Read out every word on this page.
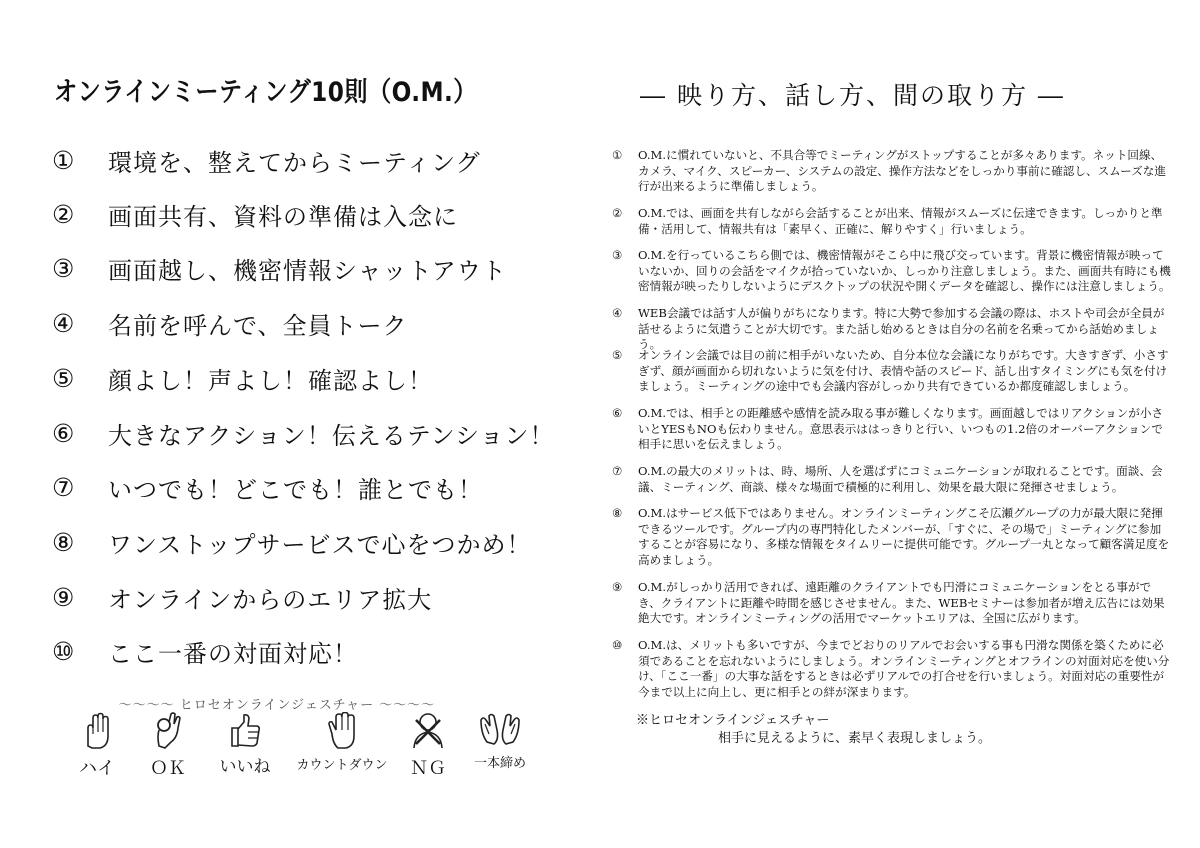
オンラインミーティング10則（O.M.）
①	環境を、整えてからミーティング
②	画面共有、資料の準備は入念に
③	画面越し、機密情報シャットアウト
④	名前を呼んで、全員トーク
⑤	顔よし！声よし！確認よし！
⑥	大きなアクション！伝えるテンション！
⑦	いつでも！どこでも！誰とでも！
⑧	ワンストップサービスで心をつかめ！
⑨	オンラインからのエリア拡大
⑩	ここ一番の対面対応！
〜〜〜〜 ヒロセオンラインジェスチャー 〜〜〜〜
ハイ	ＯＫ	いいね	カウントダウン	ＮＧ	一本締め
― 映り方、話し方、間の取り方 ―
①	O.M.に慣れていないと、不具合等でミーティングがストップすることが多々あります。ネット回線、カメラ、マイク、スピーカー、システムの設定、操作方法などをしっかり事前に確認し、スムーズな進行が出来るように準備しましょう。
②	O.M.では、画面を共有しながら会話することが出来、情報がスムーズに伝達できます。しっかりと準備・活用して、情報共有は「素早く、正確に、解りやすく」行いましょう。
③	O.M.を行っているこちら側では、機密情報がそこら中に飛び交っています。背景に機密情報が映っていないか、回りの会話をマイクが拾っていないか、しっかり注意しましょう。また、画面共有時にも機密情報が映ったりしないようにデスクトップの状況や開くデータを確認し、操作には注意しましょう。
④	WEB会議では話す人が偏りがちになります。特に大勢で参加する会議の際は、ホストや司会が全員が話せるように気遣うことが大切です。また話し始めるときは自分の名前を名乗ってから話始めましょう。
⑤	オンライン会議では目の前に相手がいないため、自分本位な会議になりがちです。大きすぎず、小さすぎず、顔が画面から切れないように気を付け、表情や話のスピード、話し出すタイミングにも気を付けましょう。ミーティングの途中でも会議内容がしっかり共有できているか都度確認しましょう。
⑥	O.M.では、相手との距離感や感情を読み取る事が難しくなります。画面越しではリアクションが小さいとYESもNOも伝わりません。意思表示ははっきりと行い、いつもの1.2倍のオーバーアクションで相手に思いを伝えましょう。
⑦	O.M.の最大のメリットは、時、場所、人を選ばずにコミュニケーションが取れることです。面談、会議、ミーティング、商談、様々な場面で積極的に利用し、効果を最大限に発揮させましょう。
⑧	O.M.はサービス低下ではありません。オンラインミーティングこそ広瀬グループの力が最大限に発揮できるツールです。グループ内の専門特化したメンバーが、「すぐに、その場で」ミーティングに参加することが容易になり、多様な情報をタイムリーに提供可能です。グループ一丸となって顧客満足度を高めましょう。
⑨	O.M.がしっかり活用できれば、遠距離のクライアントでも円滑にコミュニケーションをとる事ができ、クライアントに距離や時間を感じさせません。また、WEBセミナーは参加者が増え広告には効果絶大です。オンラインミーティングの活用でマーケットエリアは、全国に広がります。
⑩	O.M.は、メリットも多いですが、今までどおりのリアルでお会いする事も円滑な関係を築くために必須であることを忘れないようにしましょう。オンラインミーティングとオフラインの対面対応を使い分け、「ここ一番」の大事な話をするときは必ずリアルでの打合せを行いましょう。対面対応の重要性が今まで以上に向上し、更に相手との絆が深まります。
※ヒロセオンラインジェスチャー
相手に見えるように、素早く表現しましょう。
